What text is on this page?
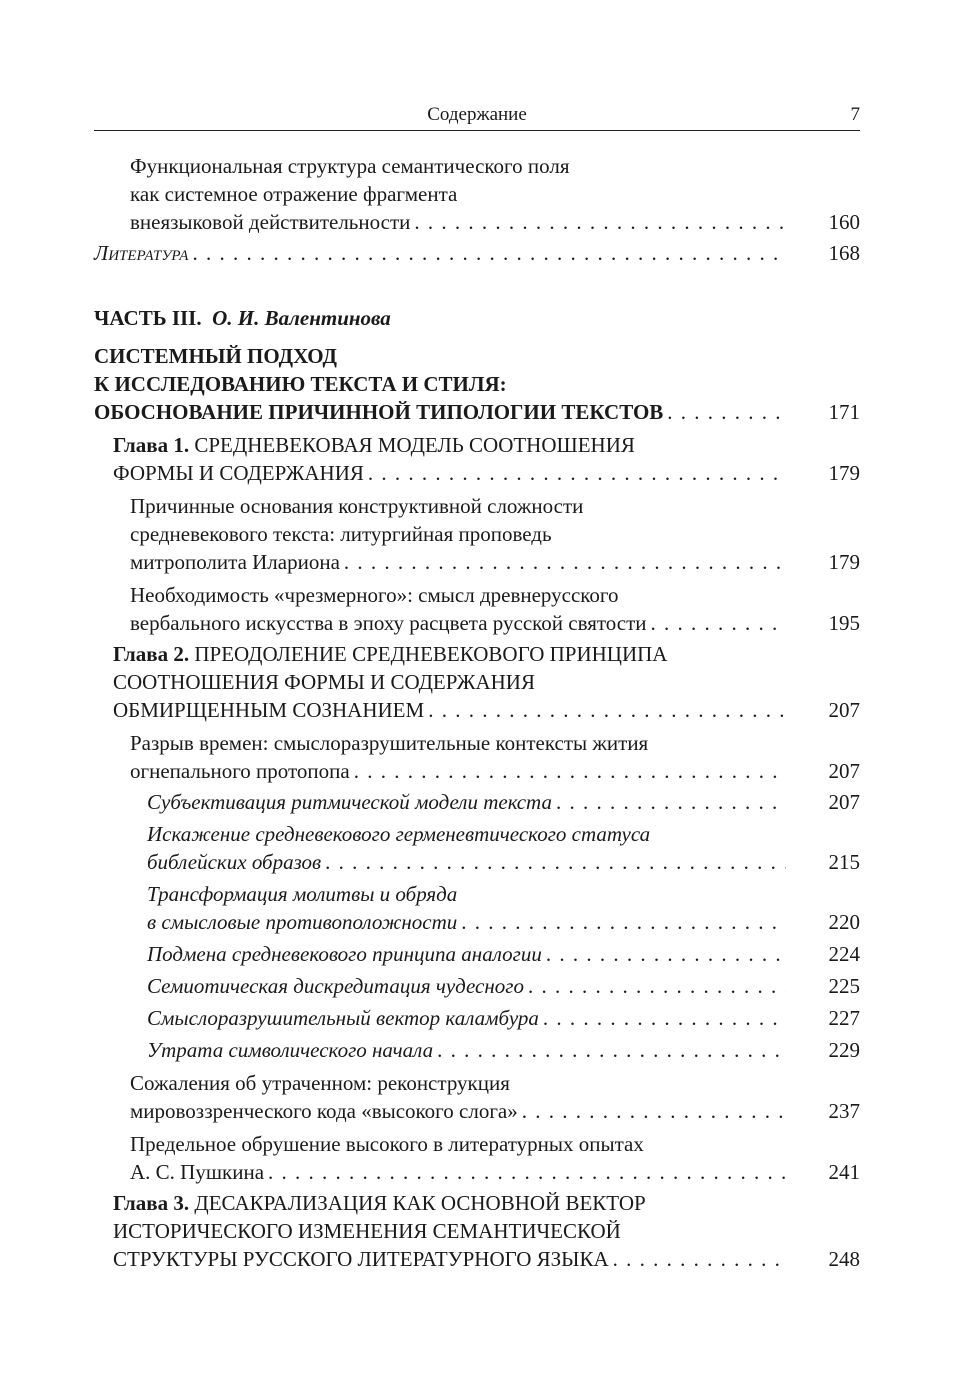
Содержание	7
Функциональная структура семантического поля
как системное отражение фрагмента
внеязыковой действительности . . .	160
Литература . . .	168
ЧАСТЬ III. О. И. Валентинова
СИСТЕМНЫЙ ПОДХОД
К ИССЛЕДОВАНИЮ ТЕКСТА И СТИЛЯ:
ОБОСНОВАНИЕ ПРИЧИННОЙ ТИПОЛОГИИ ТЕКСТОВ . . .	171
Глава 1. СРЕДНЕВЕКОВАЯ МОДЕЛЬ СООТНОШЕНИЯ
ФОРМЫ И СОДЕРЖАНИЯ . . .	179
Причинные основания конструктивной сложности
средневекового текста: литургийная проповедь
митрополита Илариона . . .	179
Необходимость «чрезмерного»: смысл древнерусского
вербального искусства в эпоху расцвета русской святости . . .	195
Глава 2. ПРЕОДОЛЕНИЕ СРЕДНЕВЕКОВОГО ПРИНЦИПА
СООТНОШЕНИЯ ФОРМЫ И СОДЕРЖАНИЯ
ОБМИРЩЕННЫМ СОЗНАНИЕМ . . .	207
Разрыв времен: смыслоразрушительные контексты жития
огнепального протопопа . . .	207
Субъективация ритмической модели текста . . .	207
Искажение средневекового герменевтического статуса
библейских образов . . .	215
Трансформация молитвы и обряда
в смысловые противоположности . . .	220
Подмена средневекового принципа аналогии . . .	224
Семиотическая дискредитация чудесного . . .	225
Смыслоразрушительный вектор каламбура . . .	227
Утрата символического начала . . .	229
Сожаления об утраченном: реконструкция
мировоззренческого кода «высокого слога» . . .	237
Предельное обрушение высокого в литературных опытах
А. С. Пушкина . . .	241
Глава 3. ДЕСАКРАЛИЗАЦИЯ КАК ОСНОВНОЙ ВЕКТОР
ИСТОРИЧЕСКОГО ИЗМЕНЕНИЯ СЕМАНТИЧЕСКОЙ
СТРУКТУРЫ РУССКОГО ЛИТЕРАТУРНОГО ЯЗЫКА . . .	248
